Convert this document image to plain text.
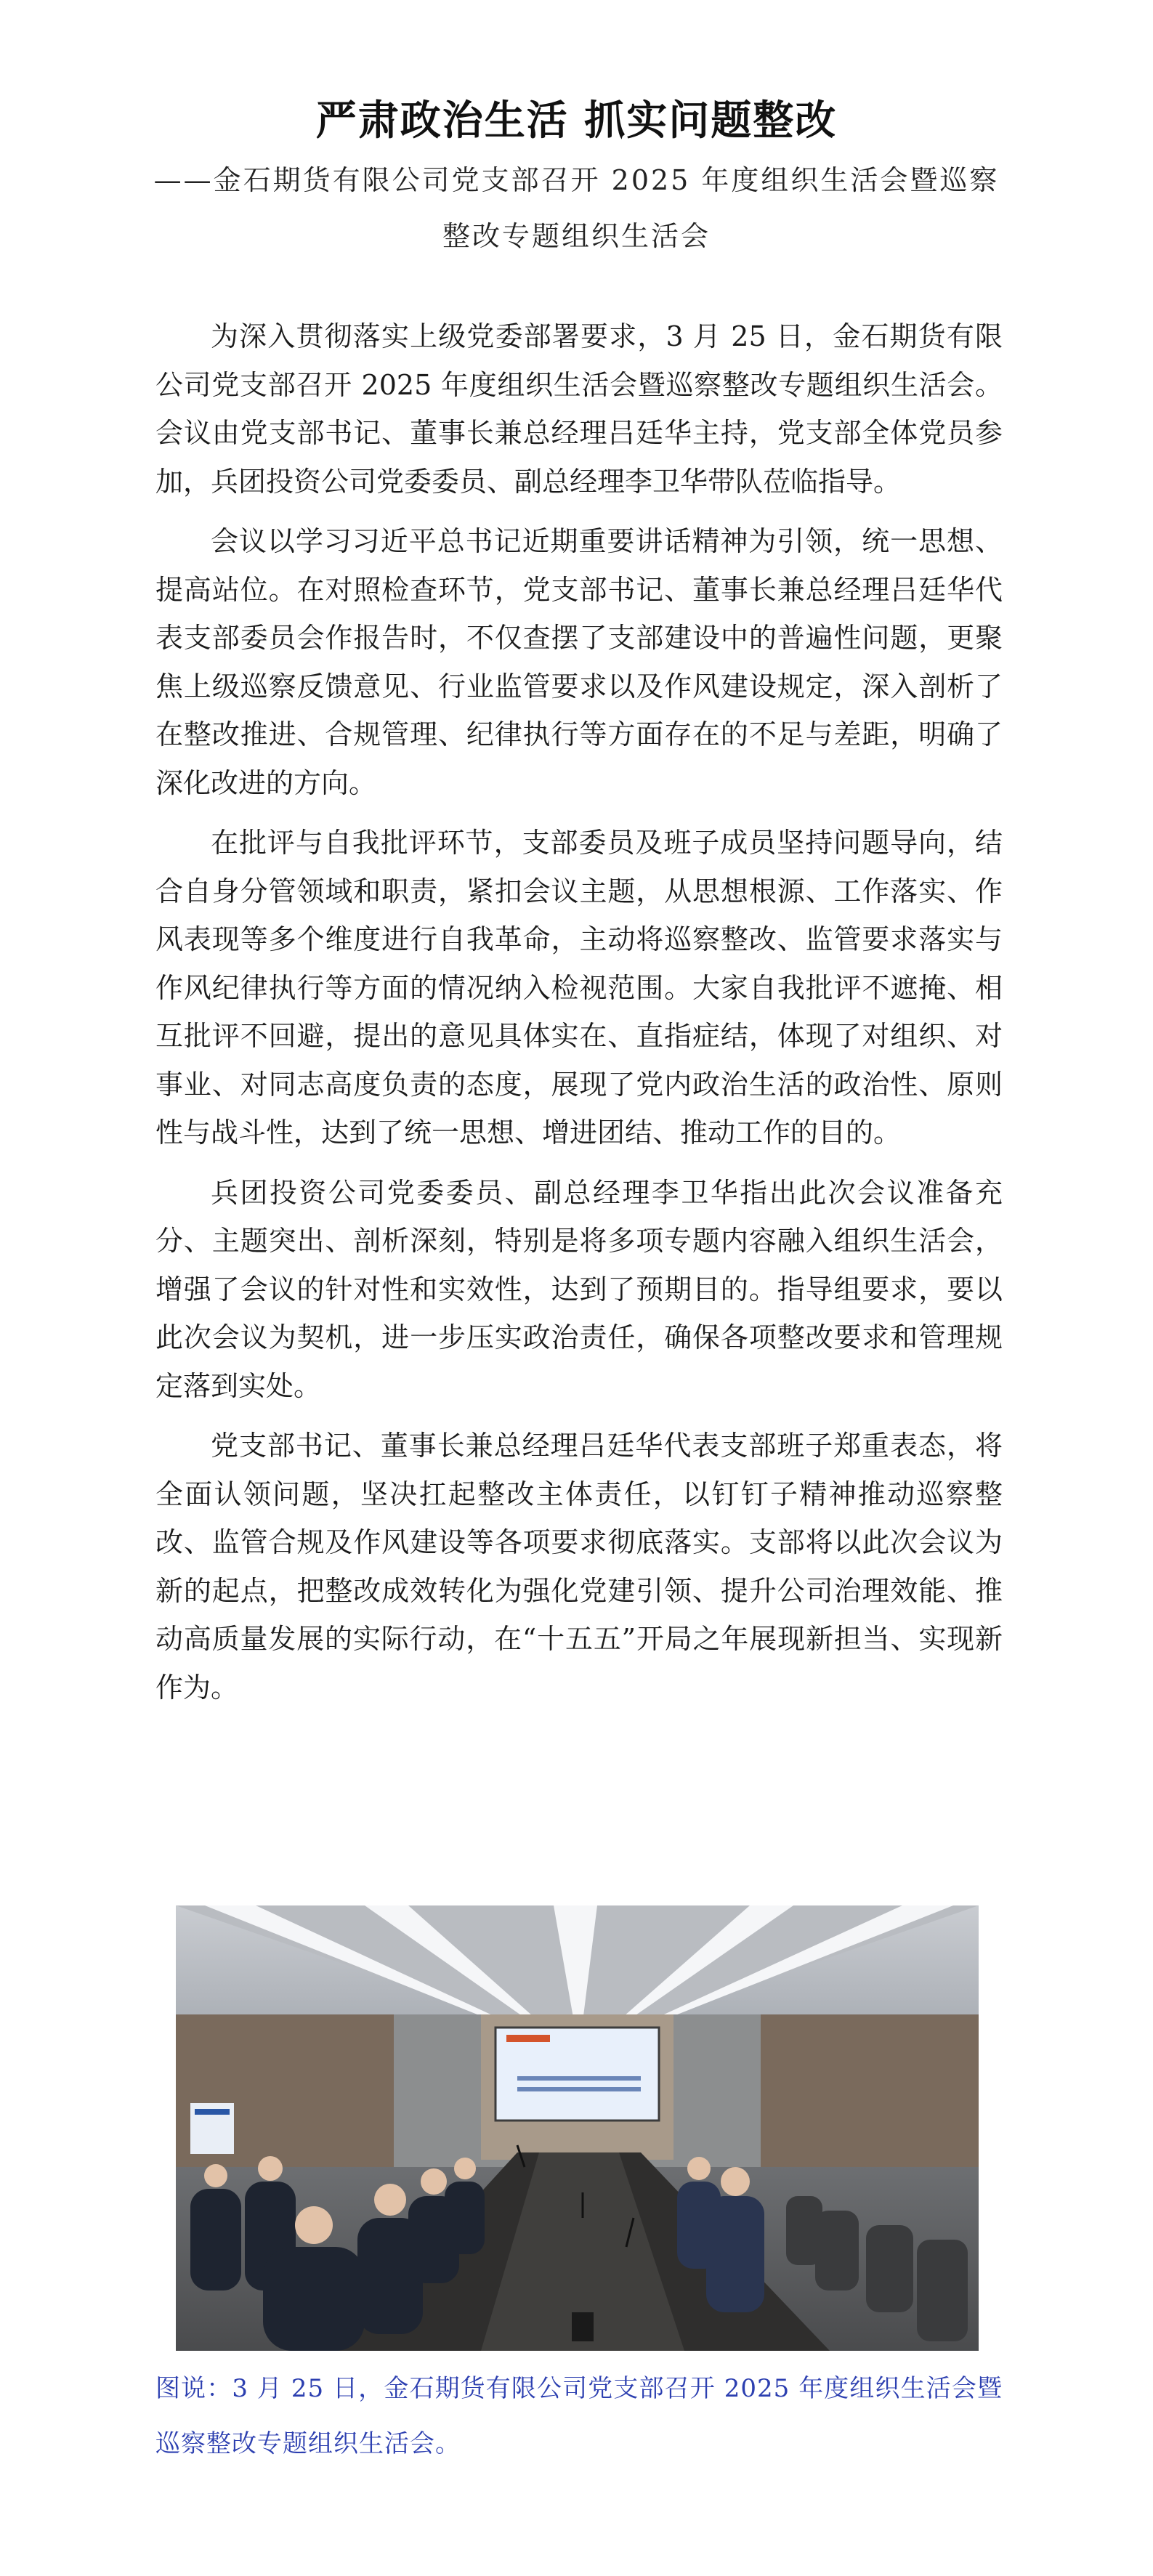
严肃政治生活 抓实问题整改
——金石期货有限公司党支部召开 2025 年度组织生活会暨巡察
整改专题组织生活会

为深入贯彻落实上级党委部署要求，3 月 25 日，金石期货有限公司党支部召开 2025 年度组织生活会暨巡察整改专题组织生活会。会议由党支部书记、董事长兼总经理吕廷华主持，党支部全体党员参加，兵团投资公司党委委员、副总经理李卫华带队莅临指导。

会议以学习习近平总书记近期重要讲话精神为引领，统一思想、提高站位。在对照检查环节，党支部书记、董事长兼总经理吕廷华代表支部委员会作报告时，不仅查摆了支部建设中的普遍性问题，更聚焦上级巡察反馈意见、行业监管要求以及作风建设规定，深入剖析了在整改推进、合规管理、纪律执行等方面存在的不足与差距，明确了深化改进的方向。

在批评与自我批评环节，支部委员及班子成员坚持问题导向，结合自身分管领域和职责，紧扣会议主题，从思想根源、工作落实、作风表现等多个维度进行自我革命，主动将巡察整改、监管要求落实与作风纪律执行等方面的情况纳入检视范围。大家自我批评不遮掩、相互批评不回避，提出的意见具体实在、直指症结，体现了对组织、对事业、对同志高度负责的态度，展现了党内政治生活的政治性、原则性与战斗性，达到了统一思想、增进团结、推动工作的目的。

兵团投资公司党委委员、副总经理李卫华指出此次会议准备充分、主题突出、剖析深刻，特别是将多项专题内容融入组织生活会，增强了会议的针对性和实效性，达到了预期目的。指导组要求，要以此次会议为契机，进一步压实政治责任，确保各项整改要求和管理规定落到实处。

党支部书记、董事长兼总经理吕廷华代表支部班子郑重表态，将全面认领问题，坚决扛起整改主体责任，以钉钉子精神推动巡察整改、监管合规及作风建设等各项要求彻底落实。支部将以此次会议为新的起点，把整改成效转化为强化党建引领、提升公司治理效能、推动高质量发展的实际行动，在“十五五”开局之年展现新担当、实现新作为。

图说：3 月 25 日，金石期货有限公司党支部召开 2025 年度组织生活会暨巡察整改专题组织生活会。
